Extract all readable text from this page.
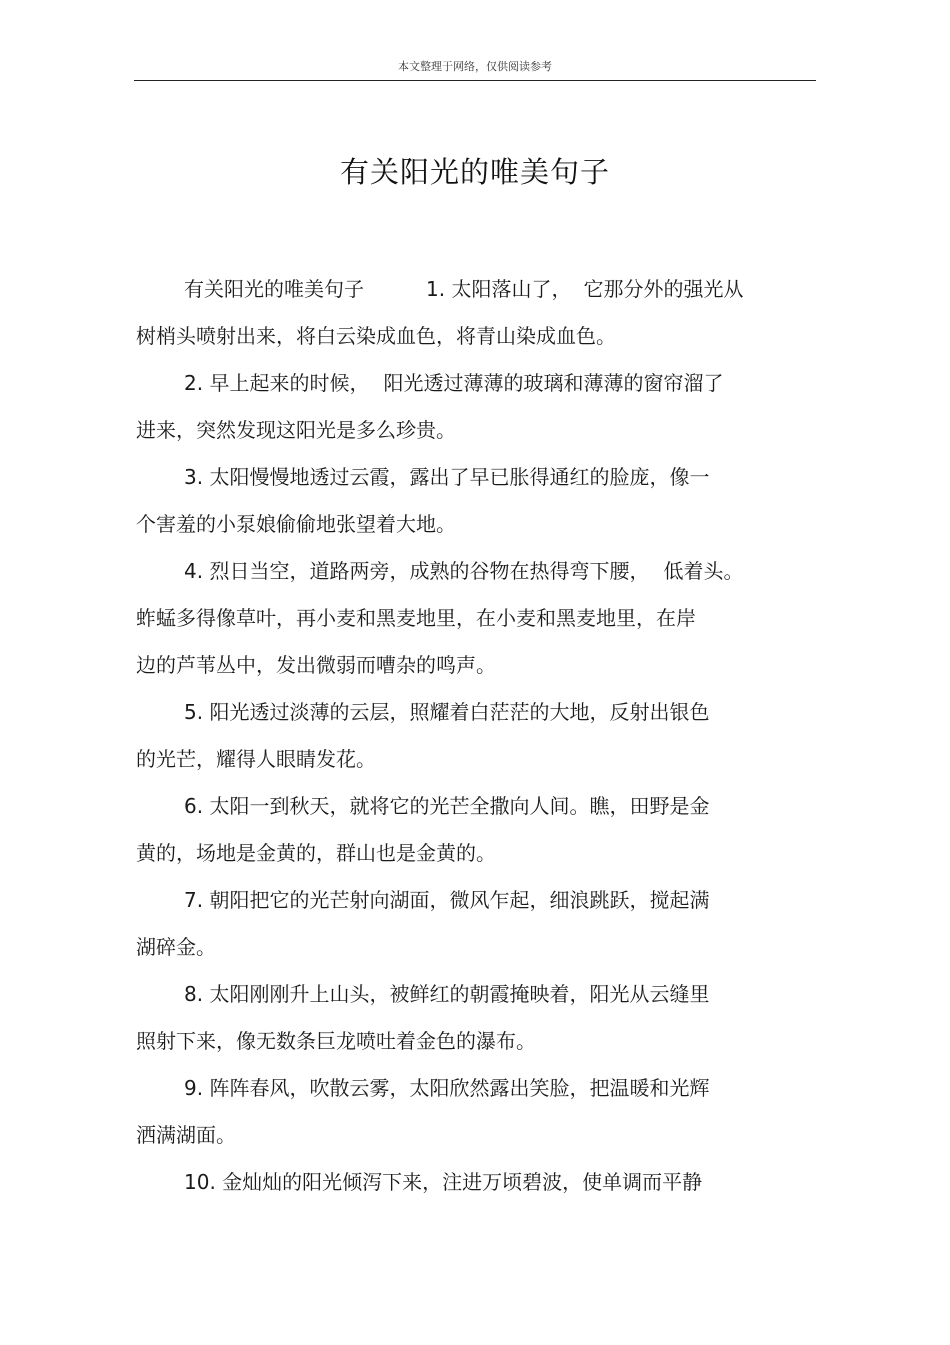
本文整理于网络，仅供阅读参考
有关阳光的唯美句子
有关阳光的唯美句子	1. 太阳落山了， 它那分外的强光从
树梢头喷射出来，将白云染成血色，将青山染成血色。
2. 早上起来的时候， 阳光透过薄薄的玻璃和薄薄的窗帘溜了
进来，突然发现这阳光是多么珍贵。
3. 太阳慢慢地透过云霞，露出了早已胀得通红的脸庞，像一
个害羞的小泵娘偷偷地张望着大地。
4. 烈日当空，道路两旁，成熟的谷物在热得弯下腰， 低着头。
蚱蜢多得像草叶，再小麦和黑麦地里，在小麦和黑麦地里，在岸
边的芦苇丛中，发出微弱而嘈杂的鸣声。
5. 阳光透过淡薄的云层，照耀着白茫茫的大地，反射出银色
的光芒，耀得人眼睛发花。
6. 太阳一到秋天，就将它的光芒全撒向人间。瞧，田野是金
黄的，场地是金黄的，群山也是金黄的。
7. 朝阳把它的光芒射向湖面，微风乍起，细浪跳跃，搅起满
湖碎金。
8. 太阳刚刚升上山头，被鲜红的朝霞掩映着，阳光从云缝里
照射下来，像无数条巨龙喷吐着金色的瀑布。
9. 阵阵春风，吹散云雾，太阳欣然露出笑脸，把温暖和光辉
洒满湖面。
10. 金灿灿的阳光倾泻下来，注进万顷碧波，使单调而平静
